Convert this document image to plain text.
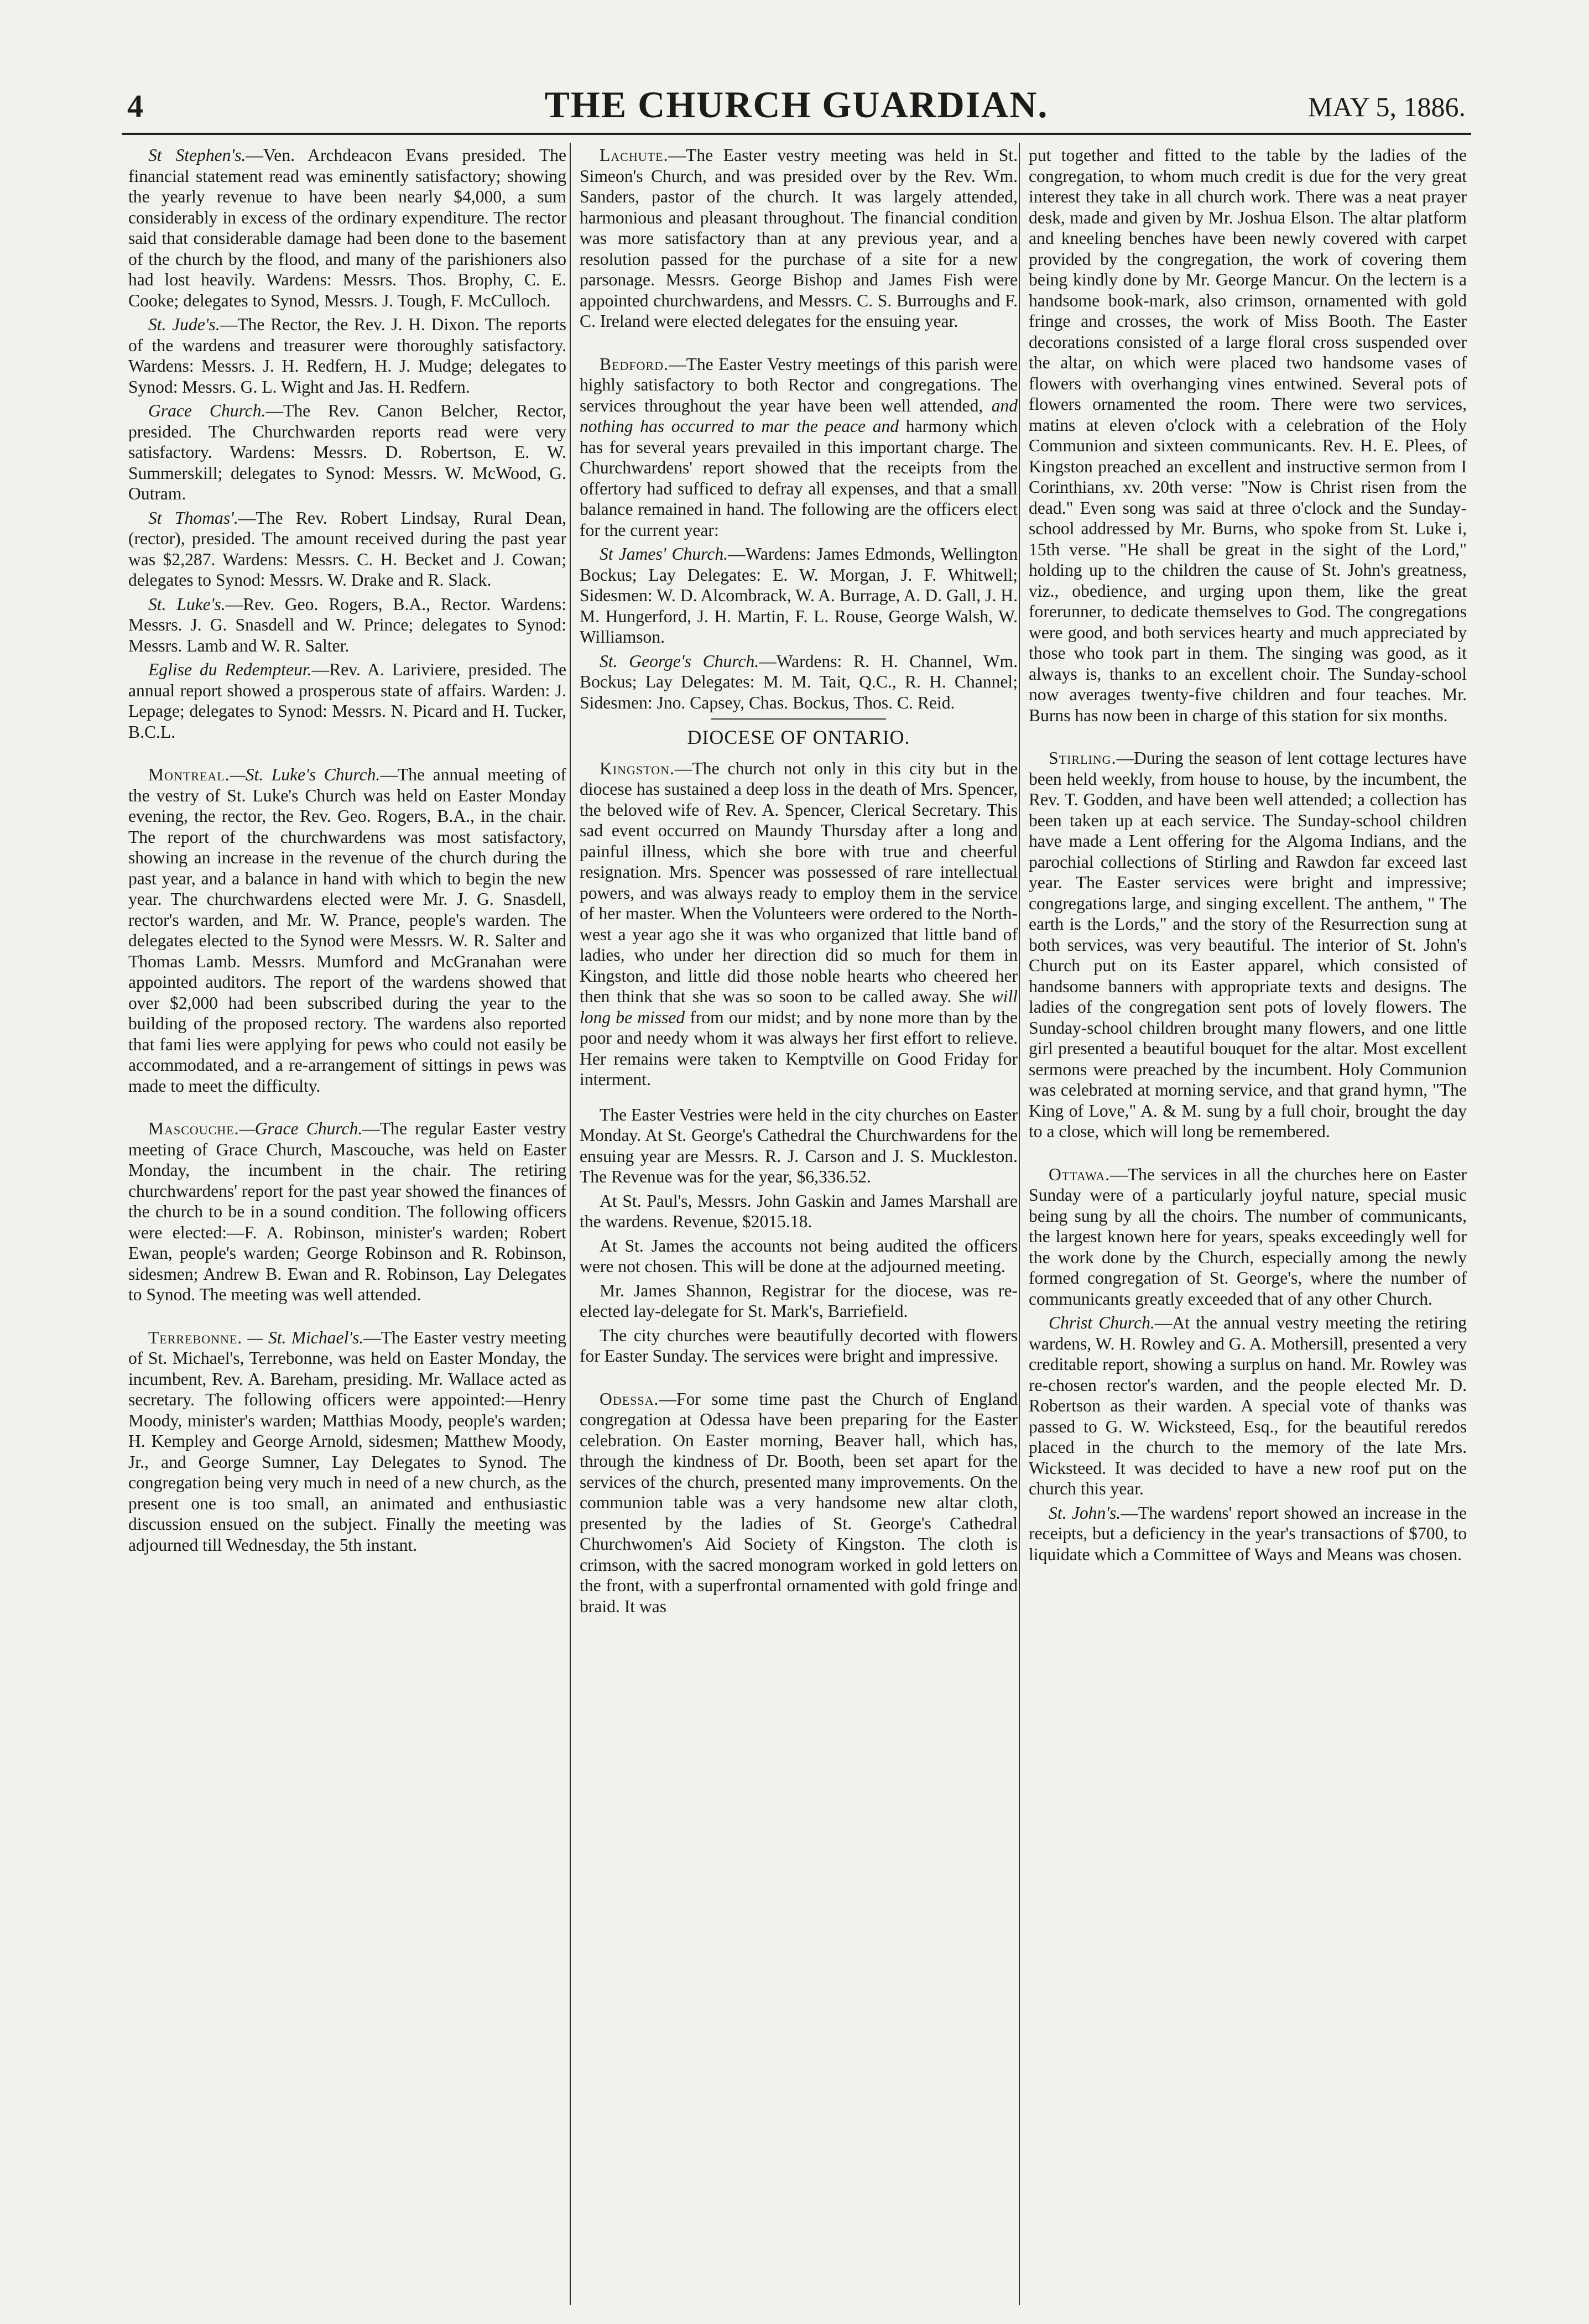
4	THE CHURCH GUARDIAN.	MAY 5, 1886.

St Stephen's.—Ven. Archdeacon Evans presided. The financial statement read was eminently satisfactory; showing the yearly revenue to have been nearly $4,000, a sum considerably in excess of the ordinary expenditure. The rector said that considerable damage had been done to the basement of the church by the flood, and many of the parishioners also had lost heavily. Wardens: Messrs. Thos. Brophy, C. E. Cooke; delegates to Synod, Messrs. J. Tough, F. McCulloch.

St. Jude's.—The Rector, the Rev. J. H. Dixon. The reports of the wardens and treasurer were thoroughly satisfactory. Wardens: Messrs. J. H. Redfern, H. J. Mudge; delegates to Synod: Messrs. G. L. Wight and Jas. H. Redfern.

Grace Church.—The Rev. Canon Belcher, Rector, presided. The Churchwarden reports read were very satisfactory. Wardens: Messrs. D. Robertson, E. W. Summerskill; delegates to Synod: Messrs. W. McWood, G. Outram.

St Thomas'.—The Rev. Robert Lindsay, Rural Dean, (rector), presided. The amount received during the past year was $2,287. Wardens: Messrs. C. H. Becket and J. Cowan; delegates to Synod: Messrs. W. Drake and R. Slack.

St. Luke's.—Rev. Geo. Rogers, B.A., Rector. Wardens: Messrs. J. G. Snasdell and W. Prince; delegates to Synod: Messrs. Lamb and W. R. Salter.

Eglise du Redempteur.—Rev. A. Lariviere, presided. The annual report showed a prosperous state of affairs. Warden: J. Lepage; delegates to Synod: Messrs. N. Picard and H. Tucker, B.C.L.

Montreal.—St. Luke's Church.—The annual meeting of the vestry of St. Luke's Church was held on Easter Monday evening, the rector, the Rev. Geo. Rogers, B.A., in the chair. The report of the churchwardens was most satisfactory, showing an increase in the revenue of the church during the past year, and a balance in hand with which to begin the new year. The churchwardens elected were Mr. J. G. Snasdell, rector's warden, and Mr. W. Prance, people's warden. The delegates elected to the Synod were Messrs. W. R. Salter and Thomas Lamb. Messrs. Mumford and McGranahan were appointed auditors. The report of the wardens showed that over $2,000 had been subscribed during the year to the building of the proposed rectory. The wardens also reported that fami lies were applying for pews who could not easily be accommodated, and a re-arrangement of sittings in pews was made to meet the difficulty.

Mascouche.—Grace Church.—The regular Easter vestry meeting of Grace Church, Mascouche, was held on Easter Monday, the incumbent in the chair. The retiring churchwardens' report for the past year showed the finances of the church to be in a sound condition. The following officers were elected:—F. A. Robinson, minister's warden; Robert Ewan, people's warden; George Robinson and R. Robinson, sidesmen; Andrew B. Ewan and R. Robinson, Lay Delegates to Synod. The meeting was well attended.

Terrebonne. — St. Michael's.—The Easter vestry meeting of St. Michael's, Terrebonne, was held on Easter Monday, the incumbent, Rev. A. Bareham, presiding. Mr. Wallace acted as secretary. The following officers were appointed:—Henry Moody, minister's warden; Matthias Moody, people's warden; H. Kempley and George Arnold, sidesmen; Matthew Moody, Jr., and George Sumner, Lay Delegates to Synod. The congregation being very much in need of a new church, as the present one is too small, an animated and enthusiastic discussion ensued on the subject. Finally the meeting was adjourned till Wednesday, the 5th instant.

Lachute.—The Easter vestry meeting was held in St. Simeon's Church, and was presided over by the Rev. Wm. Sanders, pastor of the church. It was largely attended, harmonious and pleasant throughout. The financial condition was more satisfactory than at any previous year, and a resolution passed for the purchase of a site for a new parsonage. Messrs. George Bishop and James Fish were appointed churchwardens, and Messrs. C. S. Burroughs and F. C. Ireland were elected delegates for the ensuing year.

Bedford.—The Easter Vestry meetings of this parish were highly satisfactory to both Rector and congregations. The services throughout the year have been well attended, and nothing has occurred to mar the peace and harmony which has for several years prevailed in this important charge. The Churchwardens' report showed that the receipts from the offertory had sufficed to defray all expenses, and that a small balance remained in hand. The following are the officers elect for the current year:

St James' Church.—Wardens: James Edmonds, Wellington Bockus; Lay Delegates: E. W. Morgan, J. F. Whitwell; Sidesmen: W. D. Alcombrack, W. A. Burrage, A. D. Gall, J. H. M. Hungerford, J. H. Martin, F. L. Rouse, George Walsh, W. Williamson.

St. George's Church.—Wardens: R. H. Channel, Wm. Bockus; Lay Delegates: M. M. Tait, Q.C., R. H. Channel; Sidesmen: Jno. Capsey, Chas. Bockus, Thos. C. Reid.

DIOCESE OF ONTARIO.

Kingston.—The church not only in this city but in the diocese has sustained a deep loss in the death of Mrs. Spencer, the beloved wife of Rev. A. Spencer, Clerical Secretary. This sad event occurred on Maundy Thursday after a long and painful illness, which she bore with true and cheerful resignation. Mrs. Spencer was possessed of rare intellectual powers, and was always ready to employ them in the service of her master. When the Volunteers were ordered to the North-west a year ago she it was who organized that little band of ladies, who under her direction did so much for them in Kingston, and little did those noble hearts who cheered her then think that she was so soon to be called away. She will long be missed from our midst; and by none more than by the poor and needy whom it was always her first effort to relieve. Her remains were taken to Kemptville on Good Friday for interment.

The Easter Vestries were held in the city churches on Easter Monday. At St. George's Cathedral the Churchwardens for the ensuing year are Messrs. R. J. Carson and J. S. Muckleston. The Revenue was for the year, $6,336.52.

At St. Paul's, Messrs. John Gaskin and James Marshall are the wardens. Revenue, $2015.18.

At St. James the accounts not being audited the officers were not chosen. This will be done at the adjourned meeting.

Mr. James Shannon, Registrar for the diocese, was re-elected lay-delegate for St. Mark's, Barriefield.

The city churches were beautifully decorted with flowers for Easter Sunday. The services were bright and impressive.

Odessa.—For some time past the Church of England congregation at Odessa have been preparing for the Easter celebration. On Easter morning, Beaver hall, which has, through the kindness of Dr. Booth, been set apart for the services of the church, presented many improvements. On the communion table was a very handsome new altar cloth, presented by the ladies of St. George's Cathedral Churchwomen's Aid Society of Kingston. The cloth is crimson, with the sacred monogram worked in gold letters on the front, with a superfrontal ornamented with gold fringe and braid. It was

put together and fitted to the table by the ladies of the congregation, to whom much credit is due for the very great interest they take in all church work. There was a neat prayer desk, made and given by Mr. Joshua Elson. The altar platform and kneeling benches have been newly covered with carpet provided by the congregation, the work of covering them being kindly done by Mr. George Mancur. On the lectern is a handsome book-mark, also crimson, ornamented with gold fringe and crosses, the work of Miss Booth. The Easter decorations consisted of a large floral cross suspended over the altar, on which were placed two handsome vases of flowers with overhanging vines entwined. Several pots of flowers ornamented the room. There were two services, matins at eleven o'clock with a celebration of the Holy Communion and sixteen communicants. Rev. H. E. Plees, of Kingston preached an excellent and instructive sermon from I Corinthians, xv. 20th verse: "Now is Christ risen from the dead." Even song was said at three o'clock and the Sunday-school addressed by Mr. Burns, who spoke from St. Luke i, 15th verse. "He shall be great in the sight of the Lord," holding up to the children the cause of St. John's greatness, viz., obedience, and urging upon them, like the great forerunner, to dedicate themselves to God. The congregations were good, and both services hearty and much appreciated by those who took part in them. The singing was good, as it always is, thanks to an excellent choir. The Sunday-school now averages twenty-five children and four teaches. Mr. Burns has now been in charge of this station for six months.

Stirling.—During the season of lent cottage lectures have been held weekly, from house to house, by the incumbent, the Rev. T. Godden, and have been well attended; a collection has been taken up at each service. The Sunday-school children have made a Lent offering for the Algoma Indians, and the parochial collections of Stirling and Rawdon far exceed last year. The Easter services were bright and impressive; congregations large, and singing excellent. The anthem, " The earth is the Lords," and the story of the Resurrection sung at both services, was very beautiful. The interior of St. John's Church put on its Easter apparel, which consisted of handsome banners with appropriate texts and designs. The ladies of the congregation sent pots of lovely flowers. The Sunday-school children brought many flowers, and one little girl presented a beautiful bouquet for the altar. Most excellent sermons were preached by the incumbent. Holy Communion was celebrated at morning service, and that grand hymn, "The King of Love," A. & M. sung by a full choir, brought the day to a close, which will long be remembered.

Ottawa.—The services in all the churches here on Easter Sunday were of a particularly joyful nature, special music being sung by all the choirs. The number of communicants, the largest known here for years, speaks exceedingly well for the work done by the Church, especially among the newly formed congregation of St. George's, where the number of communicants greatly exceeded that of any other Church.

Christ Church.—At the annual vestry meeting the retiring wardens, W. H. Rowley and G. A. Mothersill, presented a very creditable report, showing a surplus on hand. Mr. Rowley was re-chosen rector's warden, and the people elected Mr. D. Robertson as their warden. A special vote of thanks was passed to G. W. Wicksteed, Esq., for the beautiful reredos placed in the church to the memory of the late Mrs. Wicksteed. It was decided to have a new roof put on the church this year.

St. John's.—The wardens' report showed an increase in the receipts, but a deficiency in the year's transactions of $700, to liquidate which a Committee of Ways and Means was chosen.
